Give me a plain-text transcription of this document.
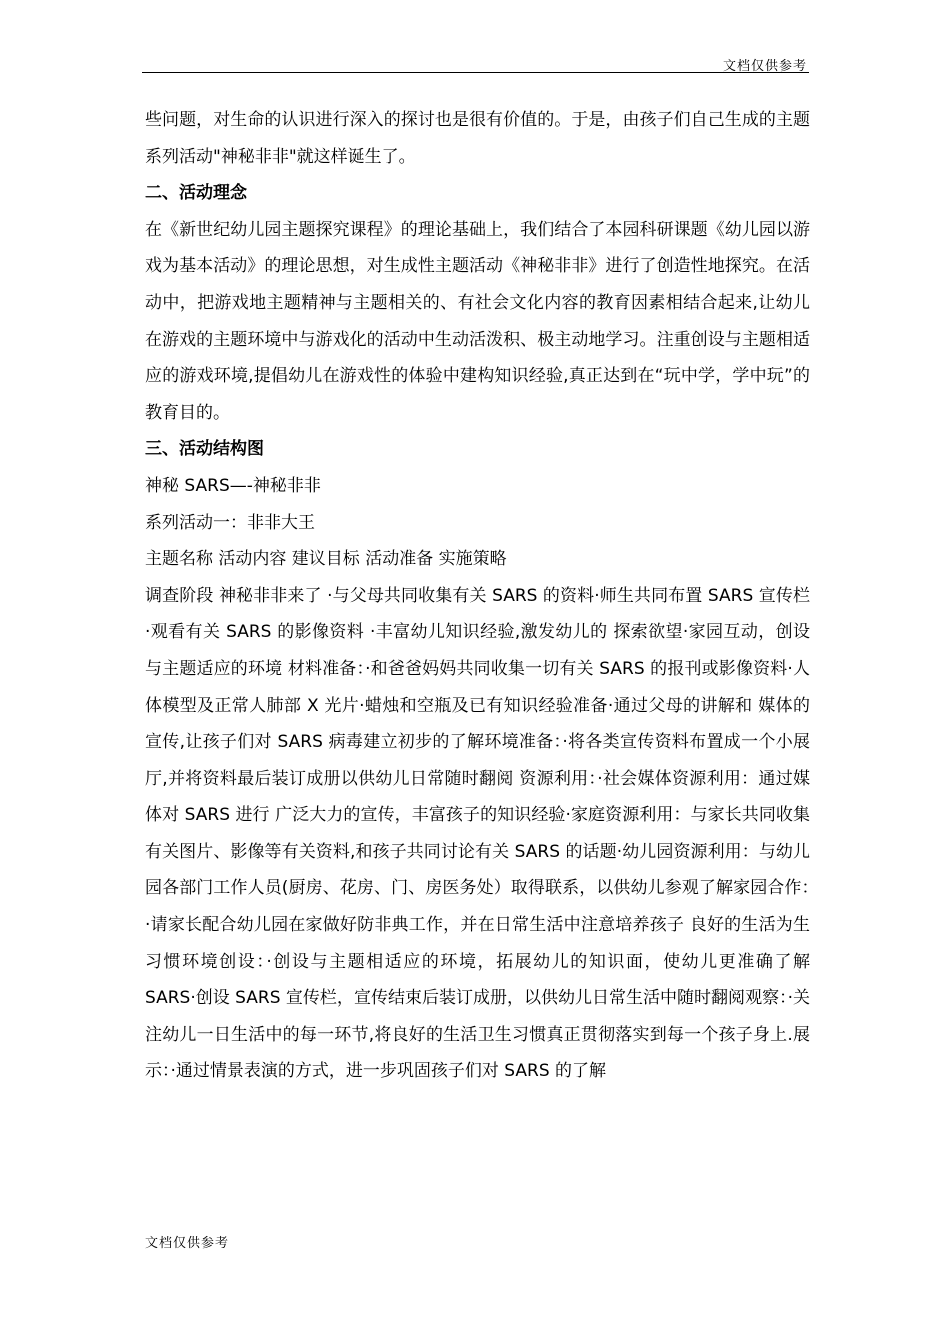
文档仅供参考

些问题，对生命的认识进行深入的探讨也是很有价值的。于是，由孩子们自己生成的主题系列活动"神秘非非"就这样诞生了。

二、活动理念

在《新世纪幼儿园主题探究课程》的理论基础上，我们结合了本园科研课题《幼儿园以游戏为基本活动》的理论思想，对生成性主题活动《神秘非非》进行了创造性地探究。在活动中，把游戏地主题精神与主题相关的、有社会文化内容的教育因素相结合起来,让幼儿在游戏的主题环境中与游戏化的活动中生动活泼积、极主动地学习。注重创设与主题相适应的游戏环境,提倡幼儿在游戏性的体验中建构知识经验,真正达到在“玩中学，学中玩”的教育目的。

三、活动结构图

神秘 SARS—-神秘非非

系列活动一：非非大王

主题名称 活动内容 建议目标 活动准备 实施策略

调查阶段 神秘非非来了 ·与父母共同收集有关 SARS 的资料·师生共同布置 SARS 宣传栏·观看有关 SARS 的影像资料 ·丰富幼儿知识经验,激发幼儿的 探索欲望·家园互动，创设与主题适应的环境 材料准备：·和爸爸妈妈共同收集一切有关 SARS 的报刊或影像资料·人体模型及正常人肺部 X 光片·蜡烛和空瓶及已有知识经验准备·通过父母的讲解和 媒体的宣传,让孩子们对 SARS 病毒建立初步的了解环境准备：·将各类宣传资料布置成一个小展厅,并将资料最后装订成册以供幼儿日常随时翻阅 资源利用：·社会媒体资源利用：通过媒体对 SARS 进行 广泛大力的宣传，丰富孩子的知识经验·家庭资源利用：与家长共同收集有关图片、影像等有关资料,和孩子共同讨论有关 SARS 的话题·幼儿园资源利用：与幼儿园各部门工作人员(厨房、花房、门、房医务处）取得联系，以供幼儿参观了解家园合作：·请家长配合幼儿园在家做好防非典工作，并在日常生活中注意培养孩子 良好的生活为生习惯环境创设：·创设与主题相适应的环境，拓展幼儿的知识面，使幼儿更准确了解 SARS·创设 SARS 宣传栏，宣传结束后装订成册，以供幼儿日常生活中随时翻阅观察：·关注幼儿一日生活中的每一环节,将良好的生活卫生习惯真正贯彻落实到每一个孩子身上.展示：·通过情景表演的方式，进一步巩固孩子们对 SARS 的了解

文档仅供参考
